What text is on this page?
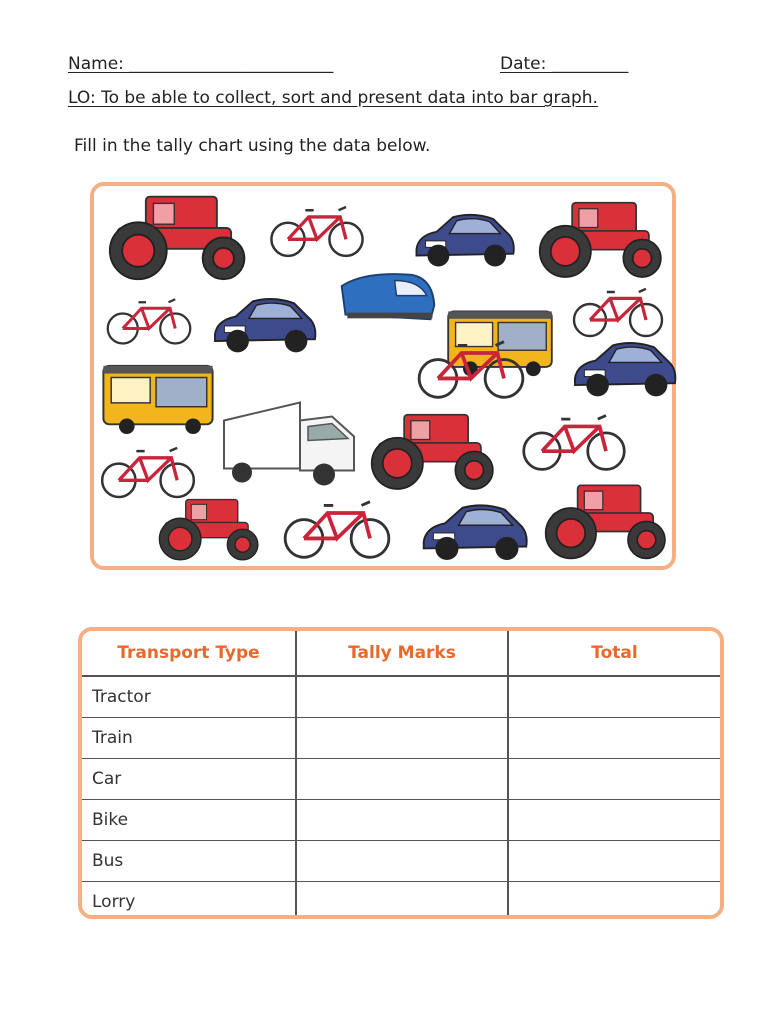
Name: ________________________	Date: _________
LO: To be able to collect, sort and present data into bar graph.
Fill in the tally chart using the data below.
Transport Type	Tally Marks	Total
Tractor		
Train		
Car		
Bike		
Bus		
Lorry		
